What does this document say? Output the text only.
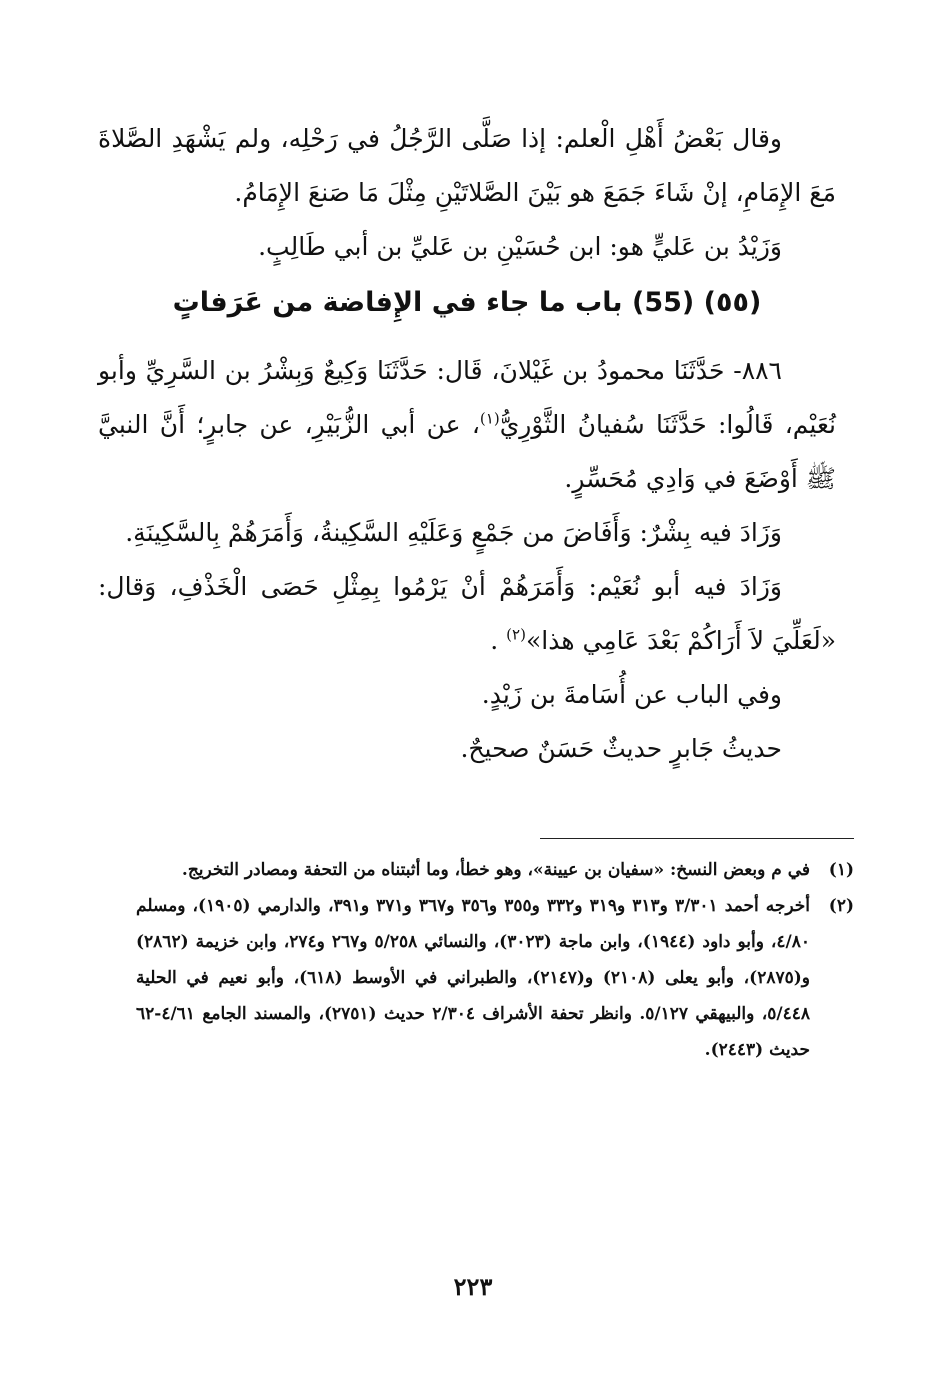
وقال بَعْضُ أَهْلِ الْعلم: إذا صَلَّى الرَّجُلُ في رَحْلِه، ولم يَشْهَدِ الصَّلاةَ مَعَ الإِمَامِ، إنْ شَاءَ جَمَعَ هو بَيْنَ الصَّلاتَيْنِ مِثْلَ مَا صَنعَ الإِمَامُ.

وَزَيْدُ بن عَليٍّ هو: ابن حُسَيْنِ بن عَليِّ بن أبي طَالِبٍ.

(٥٥) (55) باب ما جاء في الإِفاضة من عَرَفاتٍ

٨٨٦- حَدَّثَنَا محمودُ بن غَيْلانَ، قَال: حَدَّثَنَا وَكِيعٌ وَبِشْرُ بن السَّرِيِّ وأبو نُعَيْم، قَالُوا: حَدَّثَنَا سُفيانُ الثَّوْرِيُّ$^{(١)}$، عن أبي الزُّبَيْرِ، عن جابرٍ؛ أَنَّ النبيَّ ﷺ أَوْضَعَ في وَادِي مُحَسِّرٍ.

وَزَادَ فيه بِشْرٌ: وَأَفَاضَ من جَمْعٍ وَعَلَيْهِ السَّكِينةُ، وَأَمَرَهُمْ بِالسَّكِينَةِ.

وَزَادَ فيه أبو نُعَيْم: وَأَمَرَهُمْ أنْ يَرْمُوا بِمِثْلِ حَصَى الْخَذْفِ، وَقال: «لَعَلِّيَ لاَ أَرَاكُمْ بَعْدَ عَامِي هذا»$^{(٢)}$ .

وفي الباب عن أُسَامةَ بن زَيْدٍ.

حديثُ جَابرٍ حديثٌ حَسَنٌ صحيحٌ.

(١)
في م وبعض النسخ: «سفيان بن عيينة»، وهو خطأ، وما أثبتناه من التحفة ومصادر التخريج.
(٢)
أخرجه أحمد ٣/٣٠١ و٣١٣ و٣١٩ و٣٣٢ و٣٥٥ و٣٥٦ و٣٦٧ و٣٧١ و٣٩١، والدارمي (١٩٠٥)، ومسلم ٤/٨٠، وأبو داود (١٩٤٤)، وابن ماجة (٣٠٢٣)، والنسائي ٥/٢٥٨ و٢٦٧ و٢٧٤، وابن خزيمة (٢٨٦٢) و(٢٨٧٥)، وأبو يعلى (٢١٠٨) و(٢١٤٧)، والطبراني في الأوسط (٦١٨)، وأبو نعيم في الحلية ٥/٤٤٨، والبيهقي ٥/١٢٧. وانظر تحفة الأشراف ٢/٣٠٤ حديث (٢٧٥١)، والمسند الجامع ٤/٦١-٦٢ حديث (٢٤٤٣).
٢٢٣
